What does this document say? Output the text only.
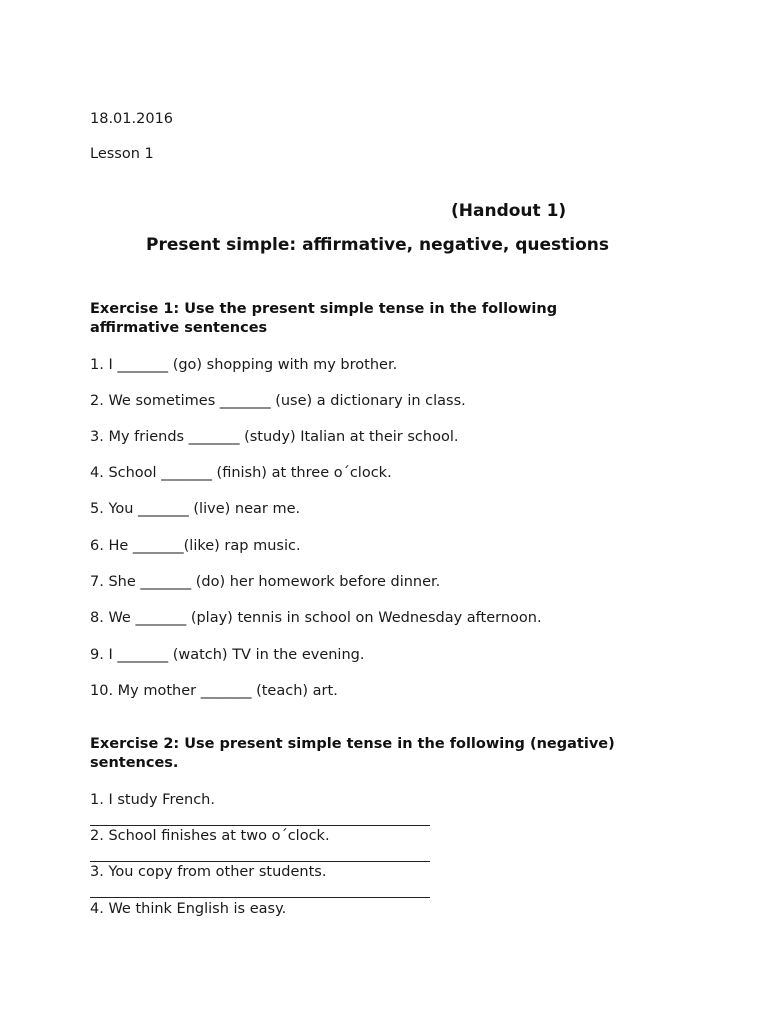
18.01.2016
Lesson 1
(Handout 1)
Present simple: affirmative, negative, questions
Exercise 1: Use the present simple tense in the following
affirmative sentences
1. I _______ (go) shopping with my brother.
2. We sometimes _______ (use) a dictionary in class.
3. My friends _______ (study) Italian at their school.
4. School _______ (finish) at three o´clock.
5. You _______ (live) near me.
6. He _______(like) rap music.
7. She _______ (do) her homework before dinner.
8. We _______ (play) tennis in school on Wednesday afternoon.
9. I _______ (watch) TV in the evening.
10. My mother _______ (teach) art.
Exercise 2: Use present simple tense in the following (negative)
sentences.
1. I study French.
2. School finishes at two o´clock.
3. You copy from other students.
4. We think English is easy.
